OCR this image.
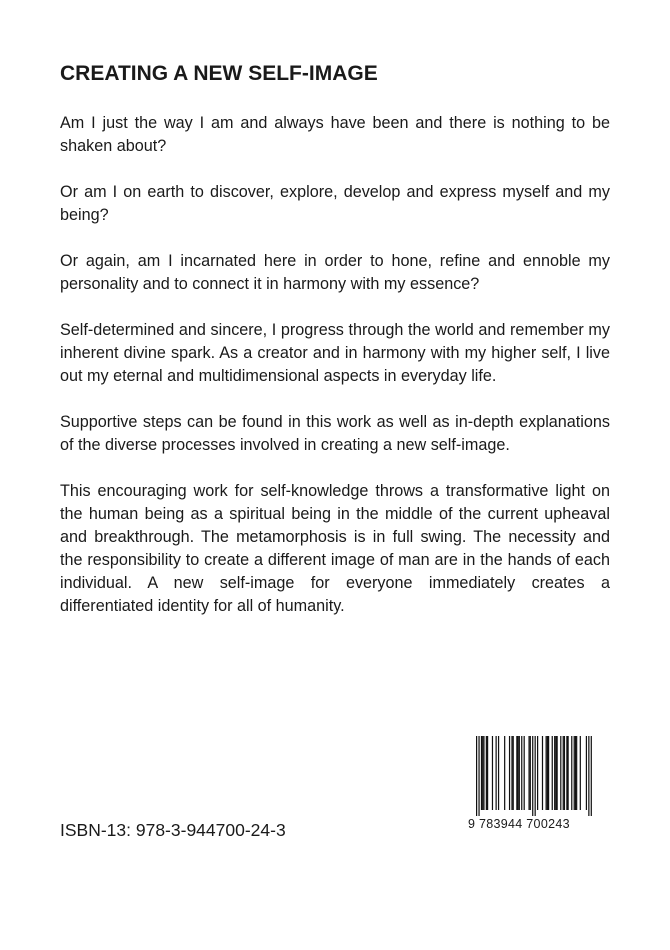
CREATING A NEW SELF-IMAGE

Am I just the way I am and always have been and there is nothing to be shaken about?

Or am I on earth to discover, explore, develop and express myself and my being?

Or again, am I incarnated here in order to hone, refine and ennoble my personality and to connect it in harmony with my essence?

Self-determined and sincere, I progress through the world and remember my inherent divine spark. As a creator and in harmony with my higher self, I live out my eternal and multidimensional aspects in everyday life.

Supportive steps can be found in this work as well as in-depth explanations of the diverse processes involved in creating a new self-image.

This encouraging work for self-knowledge throws a transformative light on the human being as a spiritual being in the middle of the current upheaval and breakthrough. The metamorphosis is in full swing. The necessity and the responsibility to create a different image of man are in the hands of each individual. A new self-image for everyone immediately creates a differentiated identity for all of humanity.

ISBN-13: 978-3-944700-24-3	9 783944 700243
